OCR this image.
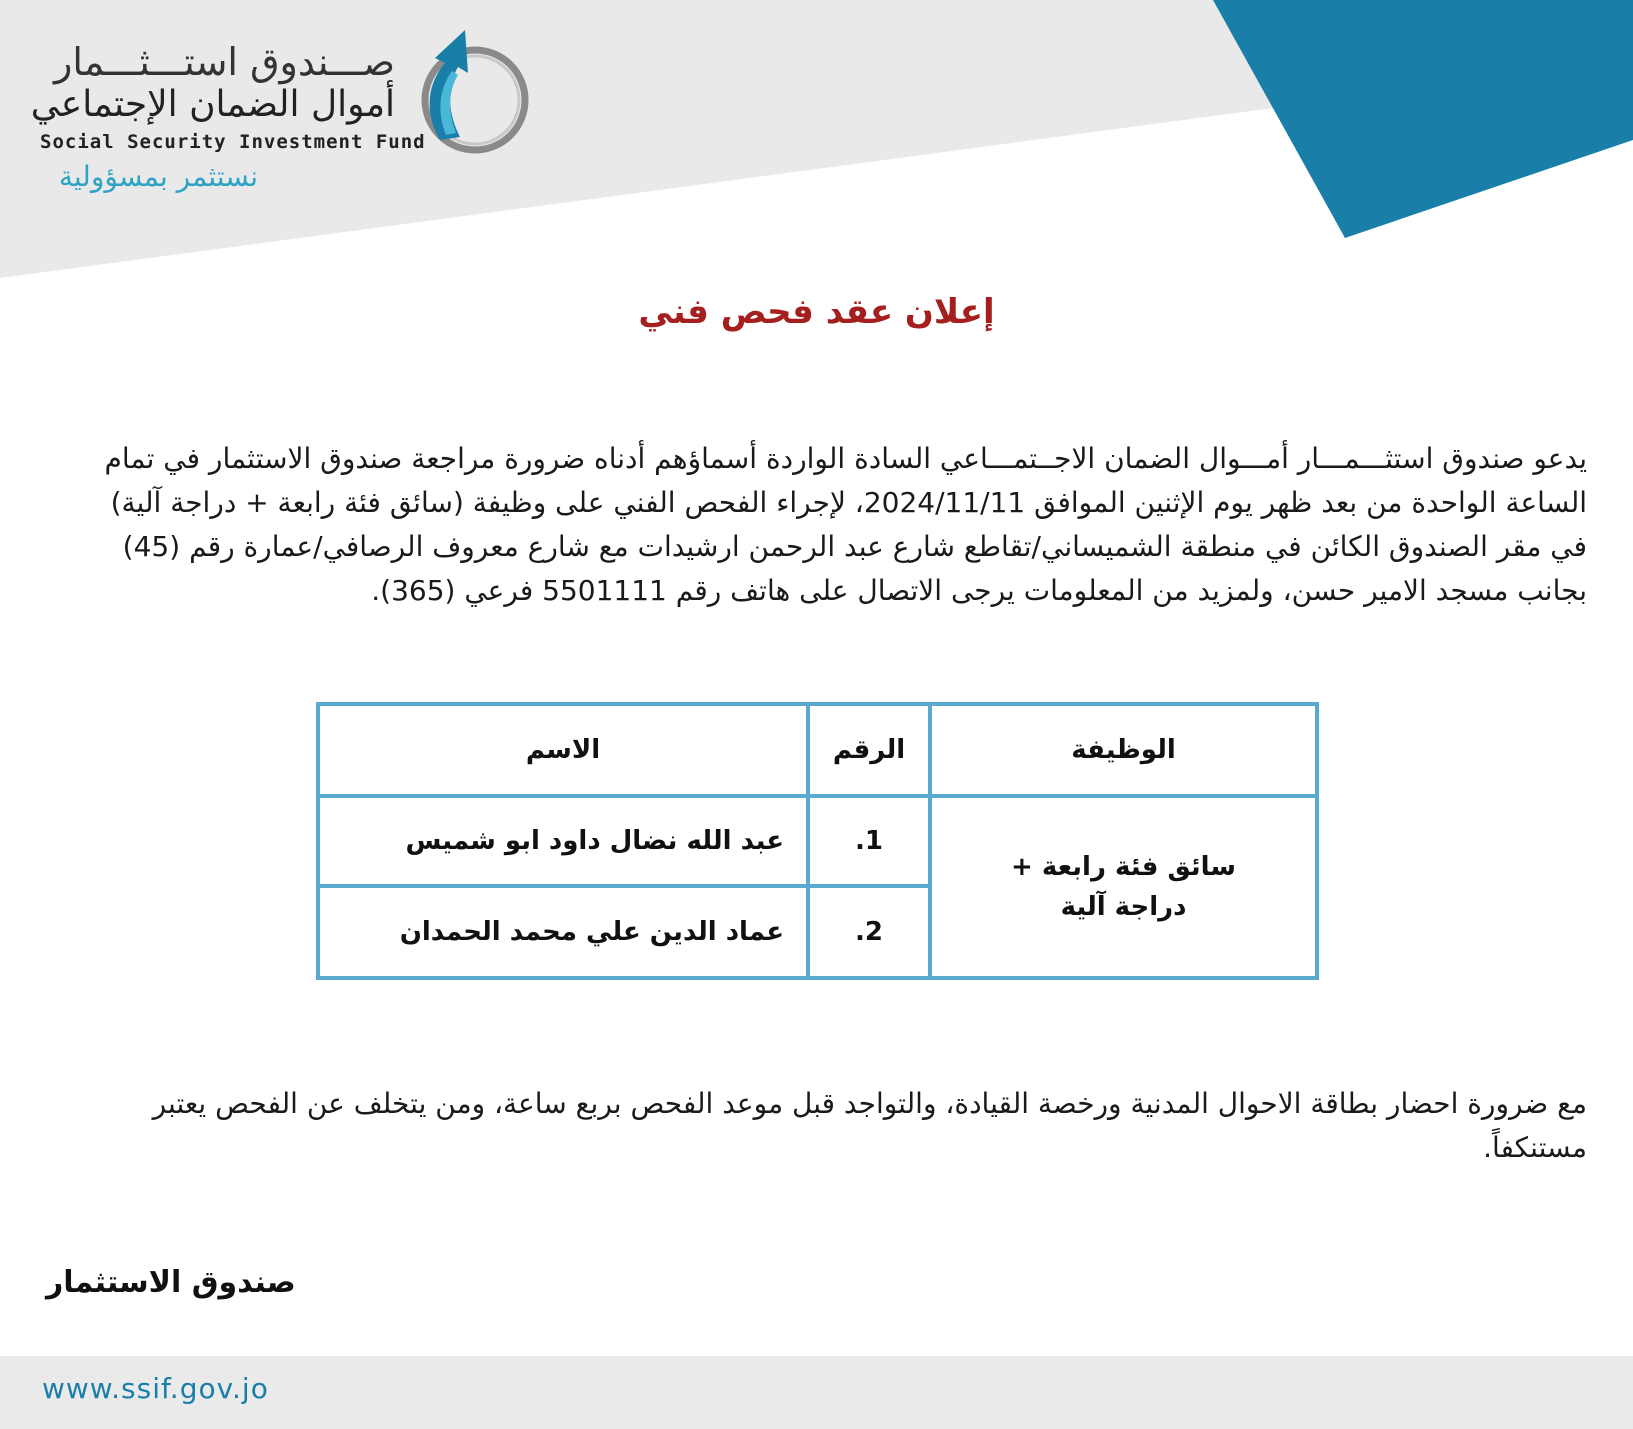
صـــندوق استـــثـــمار
أموال الضمان الإجتماعي
Social Security Investment Fund
نستثمر بمسؤولية
إعلان عقد فحص فني

يدعو صندوق استثـــمـــار أمـــوال الضمان الاجــتمـــاعي السادة الواردة أسماؤهم أدناه ضرورة مراجعة صندوق الاستثمار في تمام الساعة الواحدة من بعد ظهر يوم الإثنين الموافق 2024/11/11، لإجراء الفحص الفني على وظيفة (سائق فئة رابعة + دراجة آلية) في مقر الصندوق الكائن في منطقة الشميساني/تقاطع شارع عبد الرحمن ارشيدات مع شارع معروف الرصافي/عمارة رقم (45) بجانب مسجد الامير حسن، ولمزيد من المعلومات يرجى الاتصال على هاتف رقم 5501111 فرعي (365).

الوظيفة
الرقم
الاسم
سائق فئة رابعة + دراجة آلية
1.
عبد الله نضال داود ابو شميس
2.
عماد الدين علي محمد الحمدان

مع ضرورة احضار بطاقة الاحوال المدنية ورخصة القيادة، والتواجد قبل موعد الفحص بربع ساعة، ومن يتخلف عن الفحص يعتبر مستنكفاً.

صندوق الاستثمار
www.ssif.gov.jo
